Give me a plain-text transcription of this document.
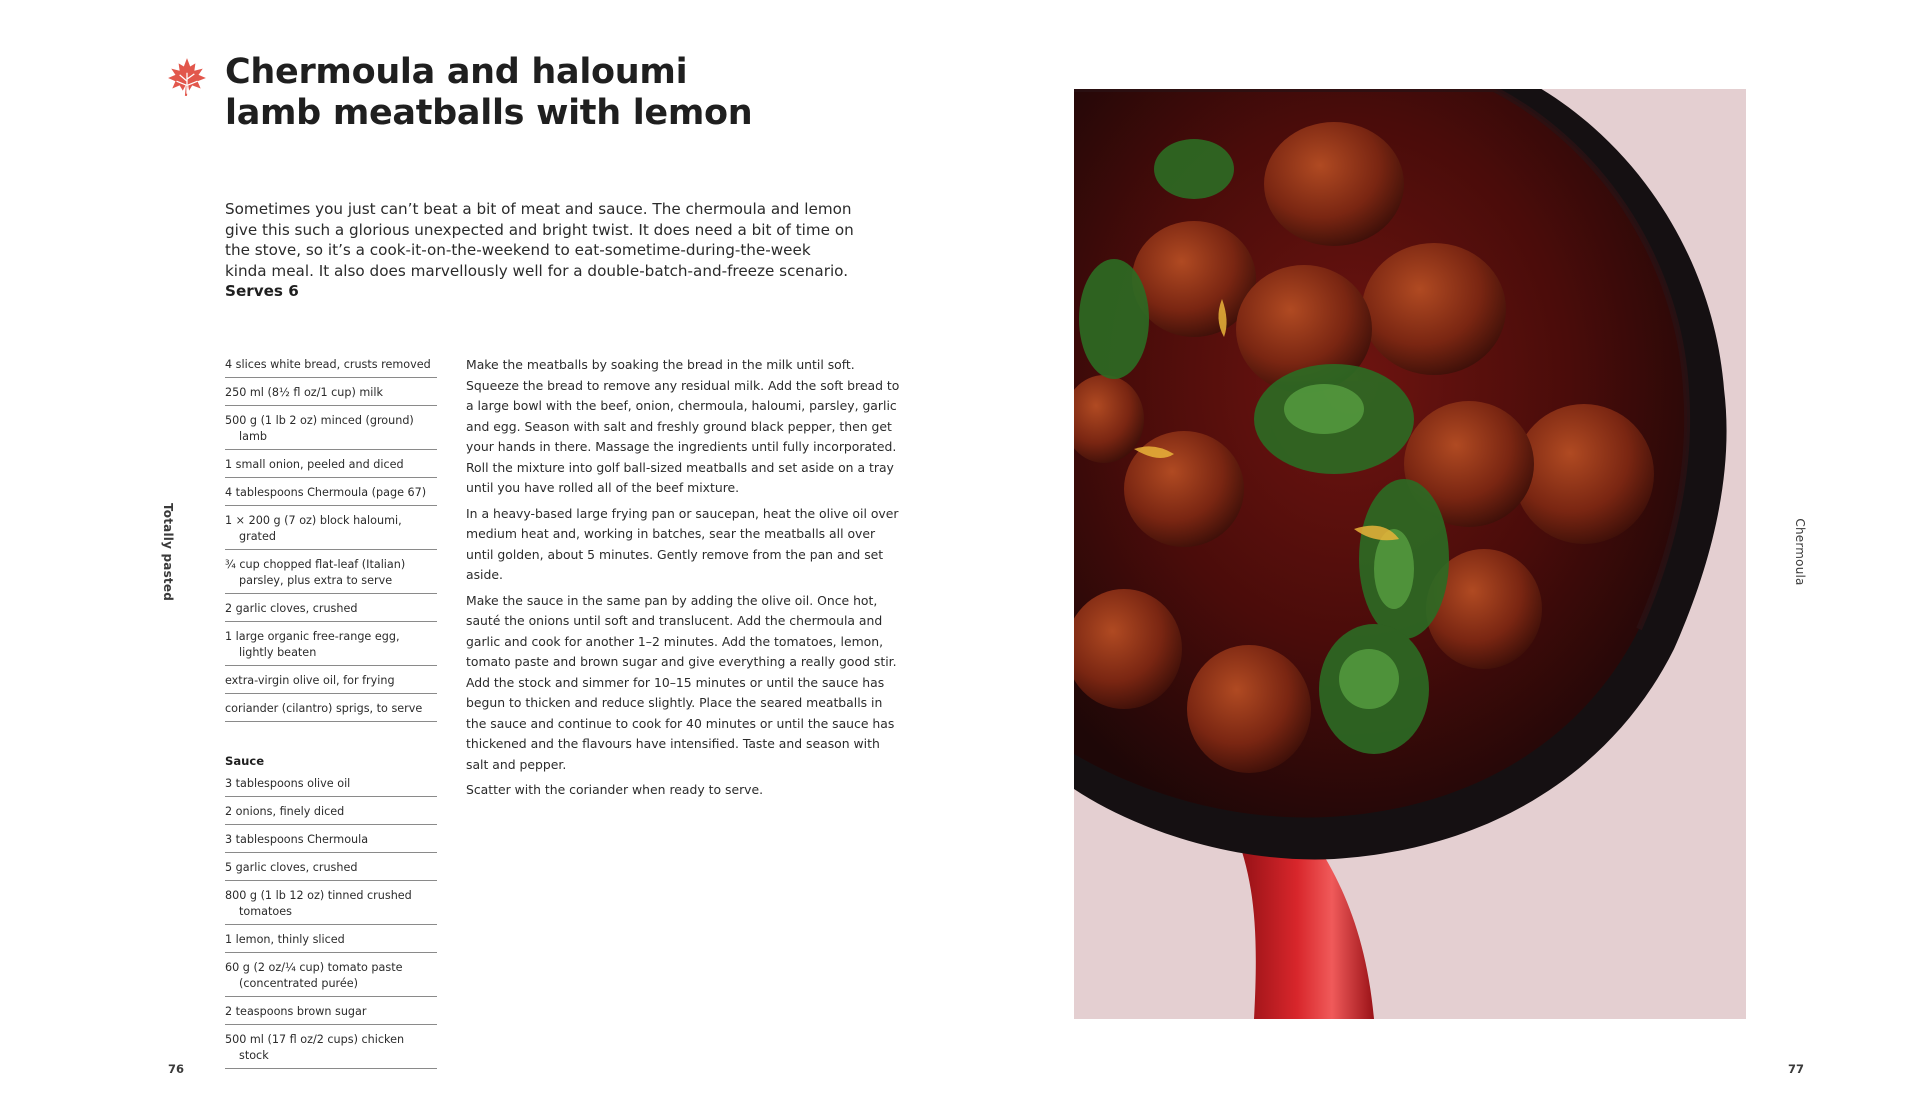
Chermoula and haloumi
lamb meatballs with lemon

Sometimes you just can’t beat a bit of meat and sauce. The chermoula and lemon give this such a glorious unexpected and bright twist. It does need a bit of time on the stove, so it’s a cook-it-on-the-weekend to eat-sometime-during-the-week kinda meal. It also does marvellously well for a double-batch-and-freeze scenario.  Serves 6

4 slices white bread, crusts removed
250 ml (8½ fl oz/1 cup) milk
500 g (1 lb 2 oz) minced (ground) lamb
1 small onion, peeled and diced
4 tablespoons Chermoula (page 67)
1 × 200 g (7 oz) block haloumi, grated
¾ cup chopped flat-leaf (Italian) parsley, plus extra to serve
2 garlic cloves, crushed
1 large organic free-range egg, lightly beaten
extra-virgin olive oil, for frying
coriander (cilantro) sprigs, to serve
Sauce
3 tablespoons olive oil
2 onions, finely diced
3 tablespoons Chermoula
5 garlic cloves, crushed
800 g (1 lb 12 oz) tinned crushed tomatoes
1 lemon, thinly sliced
60 g (2 oz/¼ cup) tomato paste (concentrated purée)
2 teaspoons brown sugar
500 ml (17 fl oz/2 cups) chicken stock

Make the meatballs by soaking the bread in the milk until soft. Squeeze the bread to remove any residual milk. Add the soft bread to a large bowl with the beef, onion, chermoula, haloumi, parsley, garlic and egg. Season with salt and freshly ground black pepper, then get your hands in there. Massage the ingredients until fully incorporated. Roll the mixture into golf ball-sized meatballs and set aside on a tray until you have rolled all of the beef mixture.

In a heavy-based large frying pan or saucepan, heat the olive oil over medium heat and, working in batches, sear the meatballs all over until golden, about 5 minutes. Gently remove from the pan and set aside.

Make the sauce in the same pan by adding the olive oil. Once hot, sauté the onions until soft and translucent. Add the chermoula and garlic and cook for another 1–2 minutes. Add the tomatoes, lemon, tomato paste and brown sugar and give everything a really good stir. Add the stock and simmer for 10–15 minutes or until the sauce has begun to thicken and reduce slightly. Place the seared meatballs in the sauce and continue to cook for 40 minutes or until the sauce has thickened and the flavours have intensified. Taste and season with salt and pepper.

Scatter with the coriander when ready to serve.

Totally pasted
76
Chermoula
77
